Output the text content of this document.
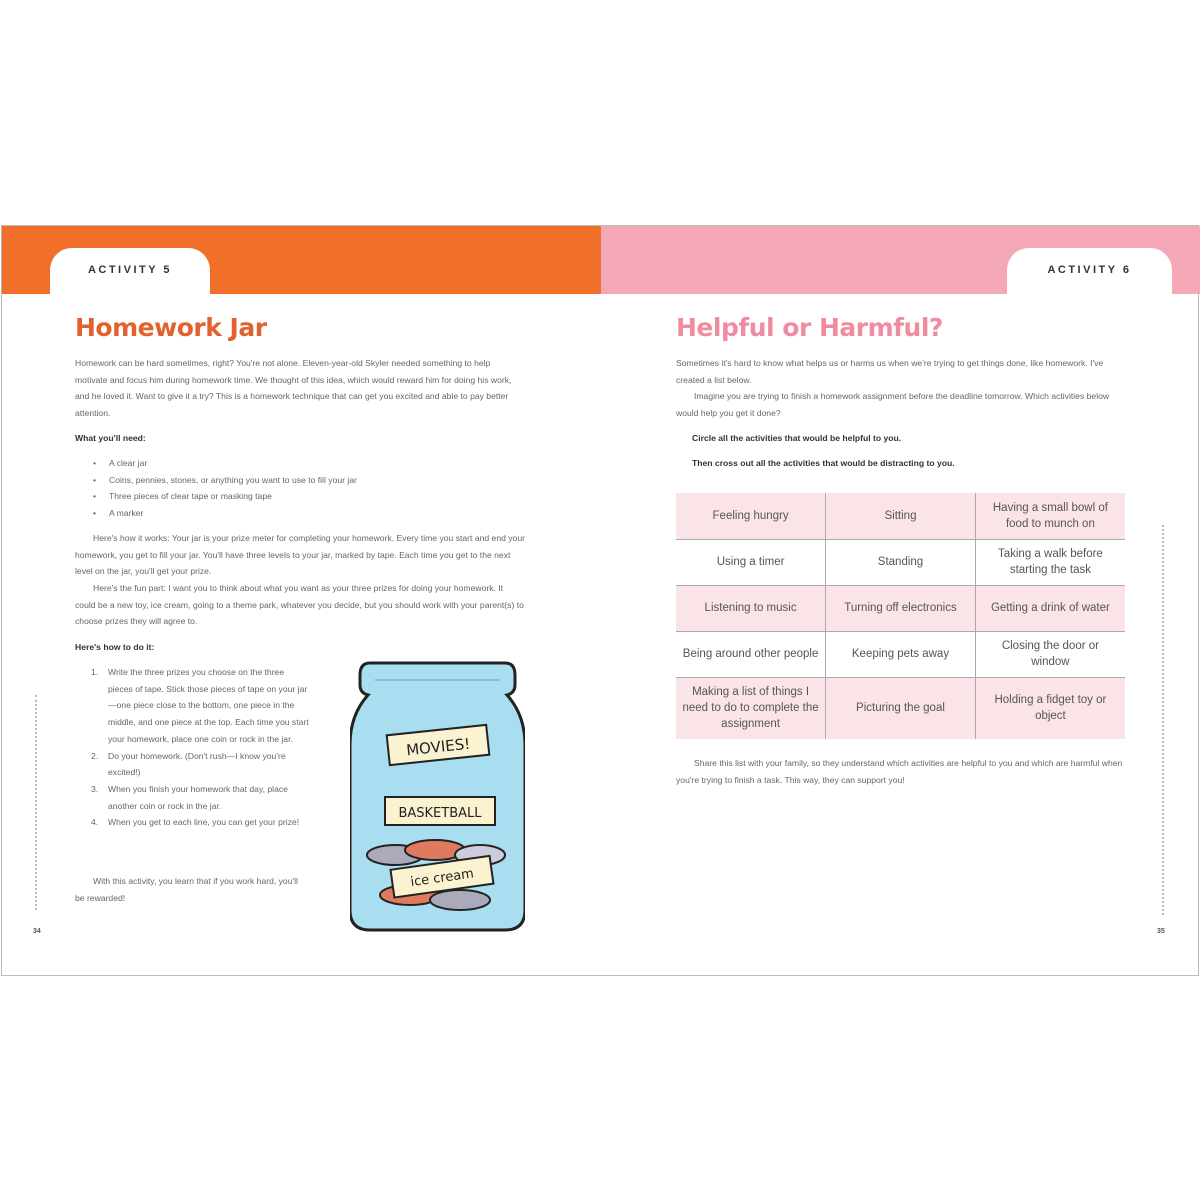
ACTIVITY 5	ACTIVITY 6
Homework Jar
Homework can be hard sometimes, right? You're not alone. Eleven-year-old Skyler needed something to help motivate and focus him during homework time. We thought of this idea, which would reward him for doing his work, and he loved it. Want to give it a try? This is a homework technique that can get you excited and able to pay better attention.
What you'll need:
• A clear jar
• Coins, pennies, stones, or anything you want to use to fill your jar
• Three pieces of clear tape or masking tape
• A marker
Here's how it works: Your jar is your prize meter for completing your homework. Every time you start and end your homework, you get to fill your jar. You'll have three levels to your jar, marked by tape. Each time you get to the next level on the jar, you'll get your prize.
Here's the fun part: I want you to think about what you want as your three prizes for doing your homework. It could be a new toy, ice cream, going to a theme park, whatever you decide, but you should work with your parent(s) to choose prizes they will agree to.
Here's how to do it:
1. Write the three prizes you choose on the three pieces of tape. Stick those pieces of tape on your jar—one piece close to the bottom, one piece in the middle, and one piece at the top. Each time you start your homework, place one coin or rock in the jar.
2. Do your homework. (Don't rush—I know you're excited!)
3. When you finish your homework that day, place another coin or rock in the jar.
4. When you get to each line, you can get your prize!
With this activity, you learn that if you work hard, you'll be rewarded!
MOVIES!
BASKETBALL
ice cream
34
Helpful or Harmful?
Sometimes it's hard to know what helps us or harms us when we're trying to get things done, like homework. I've created a list below.
Imagine you are trying to finish a homework assignment before the deadline tomorrow. Which activities below would help you get it done?
Circle all the activities that would be helpful to you.
Then cross out all the activities that would be distracting to you.
Feeling hungry	Sitting	Having a small bowl of food to munch on
Using a timer	Standing	Taking a walk before starting the task
Listening to music	Turning off electronics	Getting a drink of water
Being around other people	Keeping pets away	Closing the door or window
Making a list of things I need to do to complete the assignment	Picturing the goal	Holding a fidget toy or object
Share this list with your family, so they understand which activities are helpful to you and which are harmful when you're trying to finish a task. This way, they can support you!
35
